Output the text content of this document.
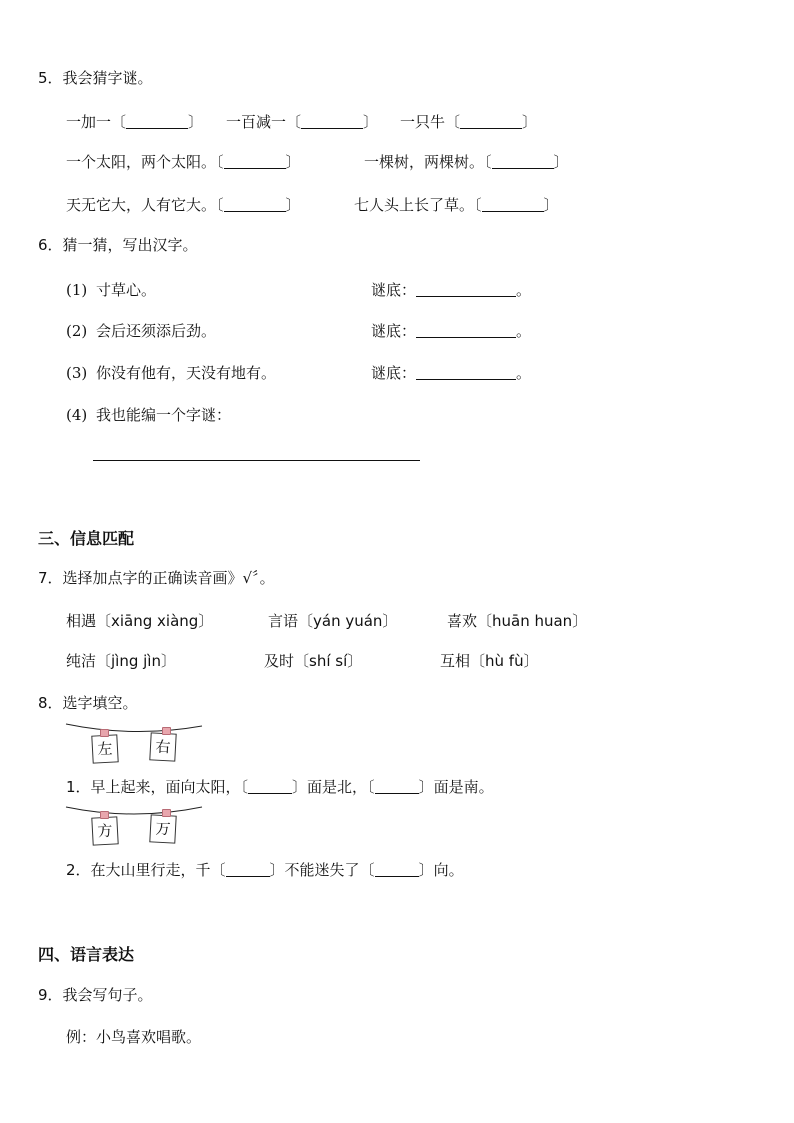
5．我会猜字谜。
一加一〔	〕 一百减一〔	〕 一只牛〔	〕
一个太阳，两个太阳。〔	〕	一棵树，两棵树。〔	〕
天无它大，人有它大。〔	〕	七人头上长了草。〔	〕
6．猜一猜，写出汉字。
(1) 寸草心。	谜底：	。
(2) 会后还须添后劲。	谜底：	。
(3) 你没有他有，天没有地有。	谜底：	。
(4) 我也能编一个字谜：
三、信息匹配
7．选择加点字的正确读音画》√〞。
相遇〔xiāng xiàng〕	言语〔yán yuán〕	喜欢〔huān huan〕
纯洁〔jìng jìn〕	及时〔shí sí〕	互相〔hù fù〕
8．选字填空。
左	右
1．早上起来，面向太阳，〔	〕面是北，〔	〕面是南。
方	万
2．在大山里行走，千〔	〕不能迷失了〔	〕向。
四、语言表达
9．我会写句子。
例：小鸟喜欢唱歌。
